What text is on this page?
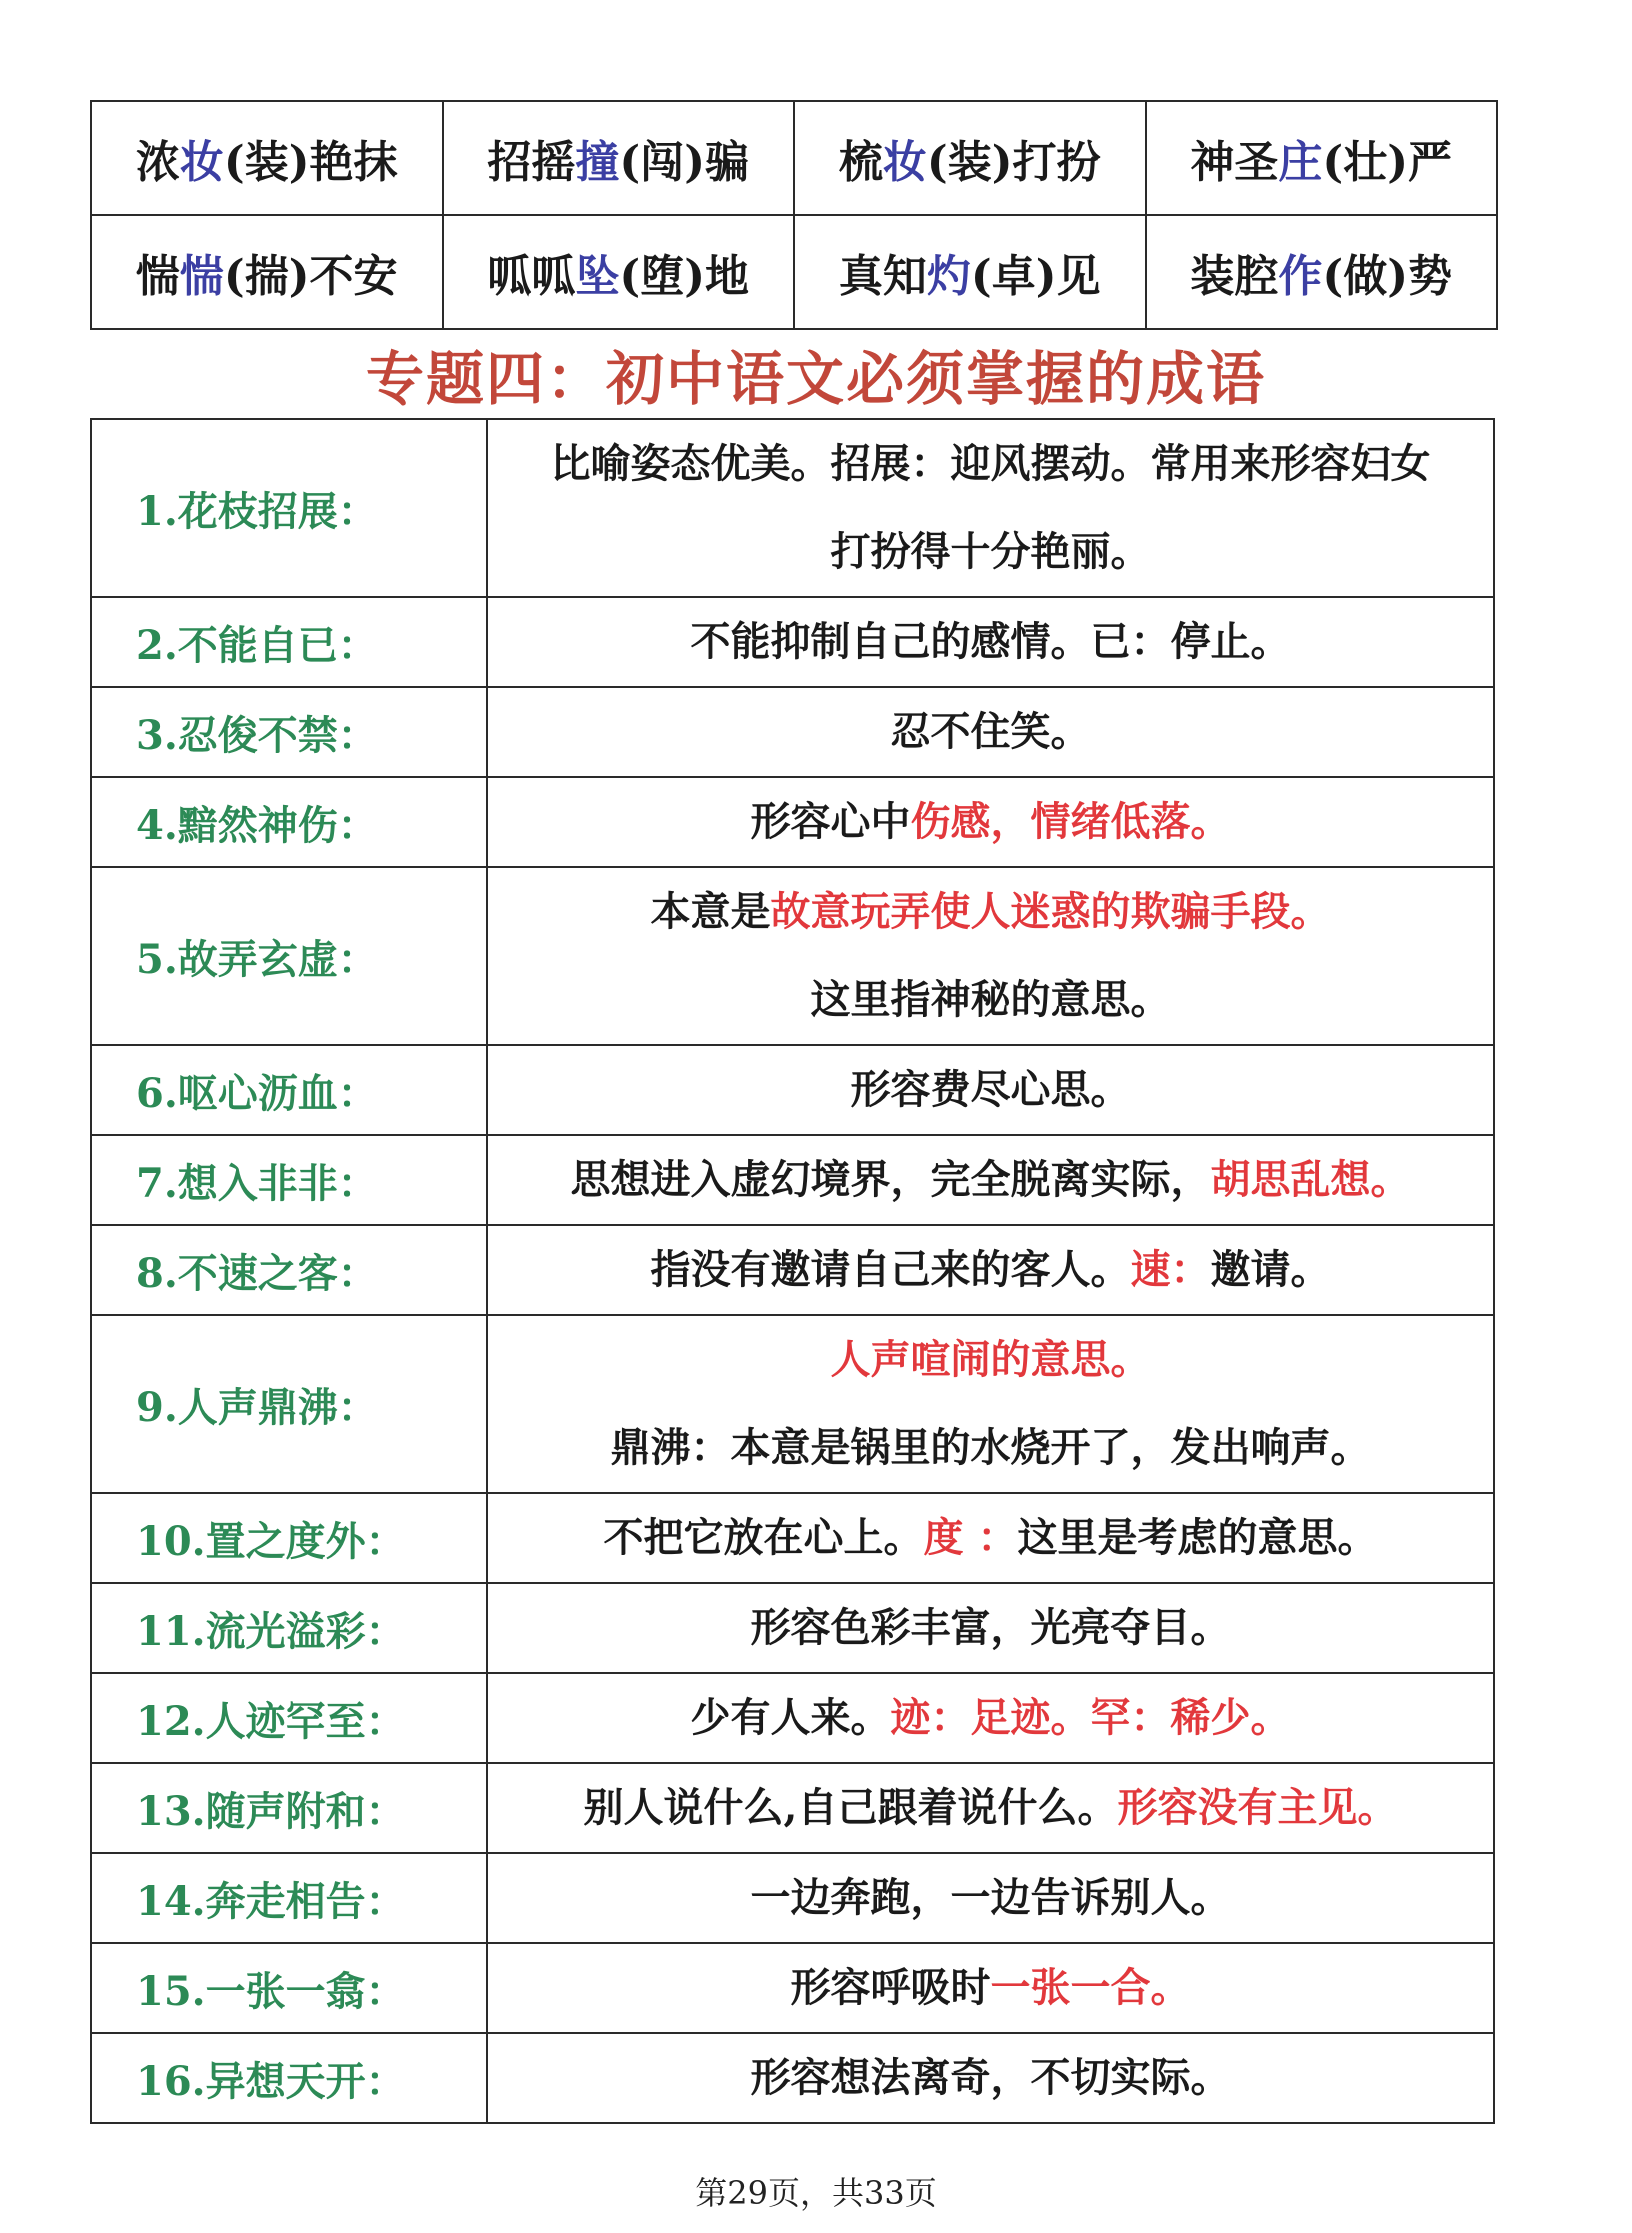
浓妆(装)艳抹	招摇撞(闯)骗	梳妆(装)打扮	神圣庄(壮)严
惴惴(揣)不安	呱呱坠(堕)地	真知灼(卓)见	装腔作(做)势
专题四：初中语文必须掌握的成语
1.花枝招展：	比喻姿态优美。招展：迎风摆动。常用来形容妇女
打扮得十分艳丽。

2.不能自已：	不能抑制自己的感情。已：停止。

3.忍俊不禁：	忍不住笑。

4.黯然神伤：	形容心中伤感，情绪低落。

5.故弄玄虚：	本意是故意玩弄使人迷惑的欺骗手段。
这里指神秘的意思。

6.呕心沥血：	形容费尽心思。

7.想入非非：	思想进入虚幻境界，完全脱离实际，胡思乱想。

8.不速之客：	指没有邀请自己来的客人。速：邀请。

9.人声鼎沸：	人声喧闹的意思。
鼎沸：本意是锅里的水烧开了，发出响声。

10.置之度外：	不把它放在心上。度 ：这里是考虑的意思。

11.流光溢彩：	形容色彩丰富，光亮夺目。

12.人迹罕至：	少有人来。迹：足迹。罕：稀少。

13.随声附和：	别人说什么,自己跟着说什么。形容没有主见。

14.奔走相告：	一边奔跑，一边告诉别人。

15.一张一翕：	形容呼吸时一张一合。

16.异想天开：	形容想法离奇，不切实际。
第29页，共33页
